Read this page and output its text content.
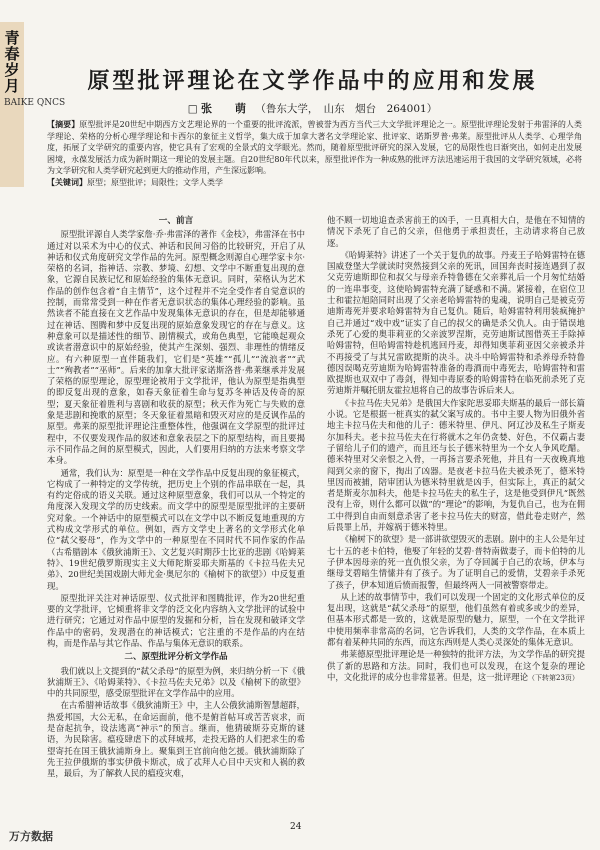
青春岁月
BAIKE QNCS
原型批评理论在文学作品中的应用和发展
□ 张　萌 （鲁东大学，　山东　烟台　264001）

【摘要】原型批评是20世纪中期西方文艺理论界的一个重要的批评流派，曾被誉为西方当代三大文学批评理论之一。原型批评理论发射于弗雷泽的人类学理论、荣格的分析心理学理论和卡西尔的象征主义哲学，集大成于加拿大著名文学理论家、批评家、诺斯罗普·弗莱。原型批评从人类学、心理学角度，拓展了文学研究的重要内容，使它具有了宏观的全景式的文学眼光。然而，随着原型批评研究的深入发展，它的局限性也日渐突出，如何走出发展困境，永葆发展活力成为新时期这一理论的发展主题。自20世纪80年代以来，原型批评作为一种成熟的批评方法迅速运用于我国的文学研究领域，必将为文学研究和人类学研究起到更大的推动作用，产生深远影响。

【关键词】原型；原型批评；局限性；文学人类学

一、前言

原型批评源自人类学家詹·乔·弗雷泽的著作《金枝》，弗雷泽在书中通过对以采术为中心的仪式、神话和民间习俗的比较研究，开启了从神话和仪式角度研究文学作品的先河。原型概念则源自心理学家卡尔·荣格的名词，指神话、宗教、梦境、幻想、文学中不断重复出现的意象，它源自民族记忆和原始经验的集体无意识。同时，荣格认为艺术作品的创作包含着“自主情节”，这个过程并不完全受作者自觉意识的控制，而常常受到一种在作者无意识状态的集体心理经验的影响。虽然读者不能直接在文艺作品中发现集体无意识的存在，但是却能够通过在神话、图腾和梦中反复出现的原始意象发现它的存在与意义。这种意象可以是描述性的细节、剧情模式，或角色典型，它能唤起观众或读者潜意识中的原始经验，使其产生深刻、强烈、非理性的情绪反应。有六种原型一直伴随我们，它们是“英雄”“孤儿”“流浪者”“武士”“殉教者”“巫师”。后来的加拿大批评家诺斯洛普·弗莱继承并发展了荣格的原型理论，原型理论被用于文学批评，他认为原型是指典型的即反复出现的意象，如春天象征着生命与复苏冬神话及传奇的原型；夏天象征着胜利与喜剧和收获的原型；秋天作为死亡与失败的意象是悲剧和挽歌的原型；冬天象征着黑暗和毁灭对应的是反讽作品的原型。弗莱的原型批评理论注重整体性，他强调在文学原型的批评过程中，不仅要发现作品的叙述和意象表层之下的原型结构，而且要揭示不同作品之间的原型模式，因此，人们要用归纳的方法来考察文学本身。

通常，我们认为：原型是一种在文学作品中反复出现的象征模式，它构成了一种特定的文学传统，把历史上个别的作品串联在一起，具有约定俗成的语义关联。通过这种原型意象，我们可以从一个特定的角度深入发现文学的历史线索。而文学中的原型是原型批评的主要研究对象。一个神话中的原型模式可以在文学中以不断反复地重现的方式构成文学形式的单位。例如，西方文学史上著名的文学形式化单位“弑父娶母”，作为文学中的一种原型在不同时代不同作家的作品（古希腊剧本《俄狄浦斯王》、文艺复兴时期莎士比亚的悲剧《哈姆莱特》、19世纪俄罗斯现实主义大师陀斯妥耶夫斯基的《卡拉马佐夫兄弟》、20世纪美国戏剧大师尤金·奥尼尔的《榆树下的欲望》）中反复重现。

原型批评关注对神话原型、仪式批评和图腾批评，作为20世纪重要的文学批评，它倾重将非文学的泛文化内容纳入文学批评的试验中进行研究；它通过对作品中原型的发掘和分析，旨在发现和破译文学作品中的密码，发现潜在的神话模式；它注重的不是作品的内在结构，而是作品与其它作品、作品与集体无意识的联系。

二、原型批评分析文学作品

我们就以上文提到的“弑父杀母”的原型为例，来归纳分析一下《俄狄浦斯王》、《哈姆莱特》、《卡拉马佐夫兄弟》以及《榆树下的欲望》中的共同原型，感受原型批评在文学作品中的应用。

在古希腊神话故事《俄狄浦斯王》中，主人公俄狄浦斯智慧超群，热爱邦国，大公无私，在命运面前，他不是俯首帖耳或苦苦哀求，而是奋起抗争，设法逃离“神示”的预言。继而，他猜破斯芬克斯的谜语，为民除害。瘟疫肆虐下的忒拜城邦，走投无路的人们把求生的希望寄托在国王俄狄浦斯身上。聚集到王宫前向他乞援。俄狄浦斯除了先王拉伊俄斯的事实伊俄卡斯忒，成了忒拜人心目中天灾和人祸的救星，最后，为了解救人民的瘟疫灾难，

他不顾一切地追查杀害前王的凶手，一旦真相大白，是他在不知情的情况下杀死了自己的父亲，但他勇于承担责任，主动请求将自己放逐。

《哈姆莱特》讲述了一个关于复仇的故事。丹麦王子哈姆雷特在德国威登堡大学就读时突然接到父亲的死讯，回国奔丧时接连遇到了叔父克劳迪斯即位和叔父与母亲乔特鲁德在父亲葬礼后一个月匆忙结婚的一连串事变，这使哈姆雷特充满了疑惑和不满。紧接着，在宿位卫士和霍拉旭陪同时出现了父亲老哈姆雷特的鬼魂，说明自己是被克劳迪斯毒死并要求哈姆雷特为自己复仇。随后，哈姆雷特利用装疯掩护自己并通过“戏中戏”证实了自己的叔父的确是杀父仇人。由于错误地杀死了心爱的奥菲莉亚的父亲波罗涅斯，克劳迪斯试图借英王手除掉哈姆雷特，但哈姆雷特趁机逃回丹麦，却得知奥菲莉亚因父亲被杀并不再接受了与其兄雷欧提斯的决斗。决斗中哈姆雷特和杀养母乔特鲁德因误喝克劳迪斯为哈姆雷特准备的毒酒而中毒死去，哈姆雷特和雷欧提斯也双双中了毒剑，得知中毒原委的哈姆雷特在临死前杀死了克劳迪斯并嘱托朋友霍拉旭将自己的故事告诉后来人。

《卡拉马佐夫兄弟》是俄国大作家陀思妥耶夫斯基的最后一部长篇小说。它是根据一桩真实的弑父案写成的。书中主要人物为旧俄外省地主卡拉马佐夫和他的儿子：德米特里、伊凡、阿辽沙及私生子斯麦尔加科夫。老卡拉马佐夫在行将就木之年仍贪婪、好色，不仅霸占妻子留给儿子们的遗产，而且还与长子德米特里为一个女人争风吃醋。德米特里对父亲恨之入骨，一再扬言要杀死他，并且有一天夜晚真地闯到父亲的窗下，掏出了凶器。是夜老卡拉马佐夫被杀死了，德米特里因而被捕，陪审团认为德米特里就是凶手，但实际上，真正的弑父者是斯麦尔加科夫，他是卡拉马佐夫的私生子，这是他受到伊凡“既然没有上帝，则什么都可以做”的“理论”的影响，为复仇自己，也为在佣工中得到自由而刻意杀害了老卡拉马佐夫的财富，借此卷走财产，然后畏罪上吊，并嫁祸于德米特里。

《榆树下的欲望》是一部讲欲望毁灭的悲剧。剧中的主人公是年过七十五的老卡伯特，他娶了年轻的艾碧·普特南做妻子，而卡伯特的儿子伊本因母亲的死一直仇恨父亲，为了夺回属于自己的农场，伊本与继母艾碧暗生情愫并有了孩子。为了证明自己的爱情，艾碧亲手杀死了孩子，伊本知道后愤而报警，但最终两人一同被警察带走。

从上述的故事情节中，我们可以发现一个固定的文化形式单位的反复出现，这就是“弑父杀母”的原型，他们虽然有着或多或少的差异，但基本形式都是一致的，这就是原型的魅力，原型，一个在文学批评中使用频率非常高的名词，它告诉我们，人类的文学作品，在本质上都有着某种共同的东西，而这东西则是人类心灵深处的集体无意识。

弗莱德原型批评理论是一种独特的批评方法，为文学作品的研究提供了新的思路和方法。同时，我们也可以发现，在这个复杂的理论中，文化批评的成分也非常显著。但是，这一批评理论（下转第23页）

24
万方数据
